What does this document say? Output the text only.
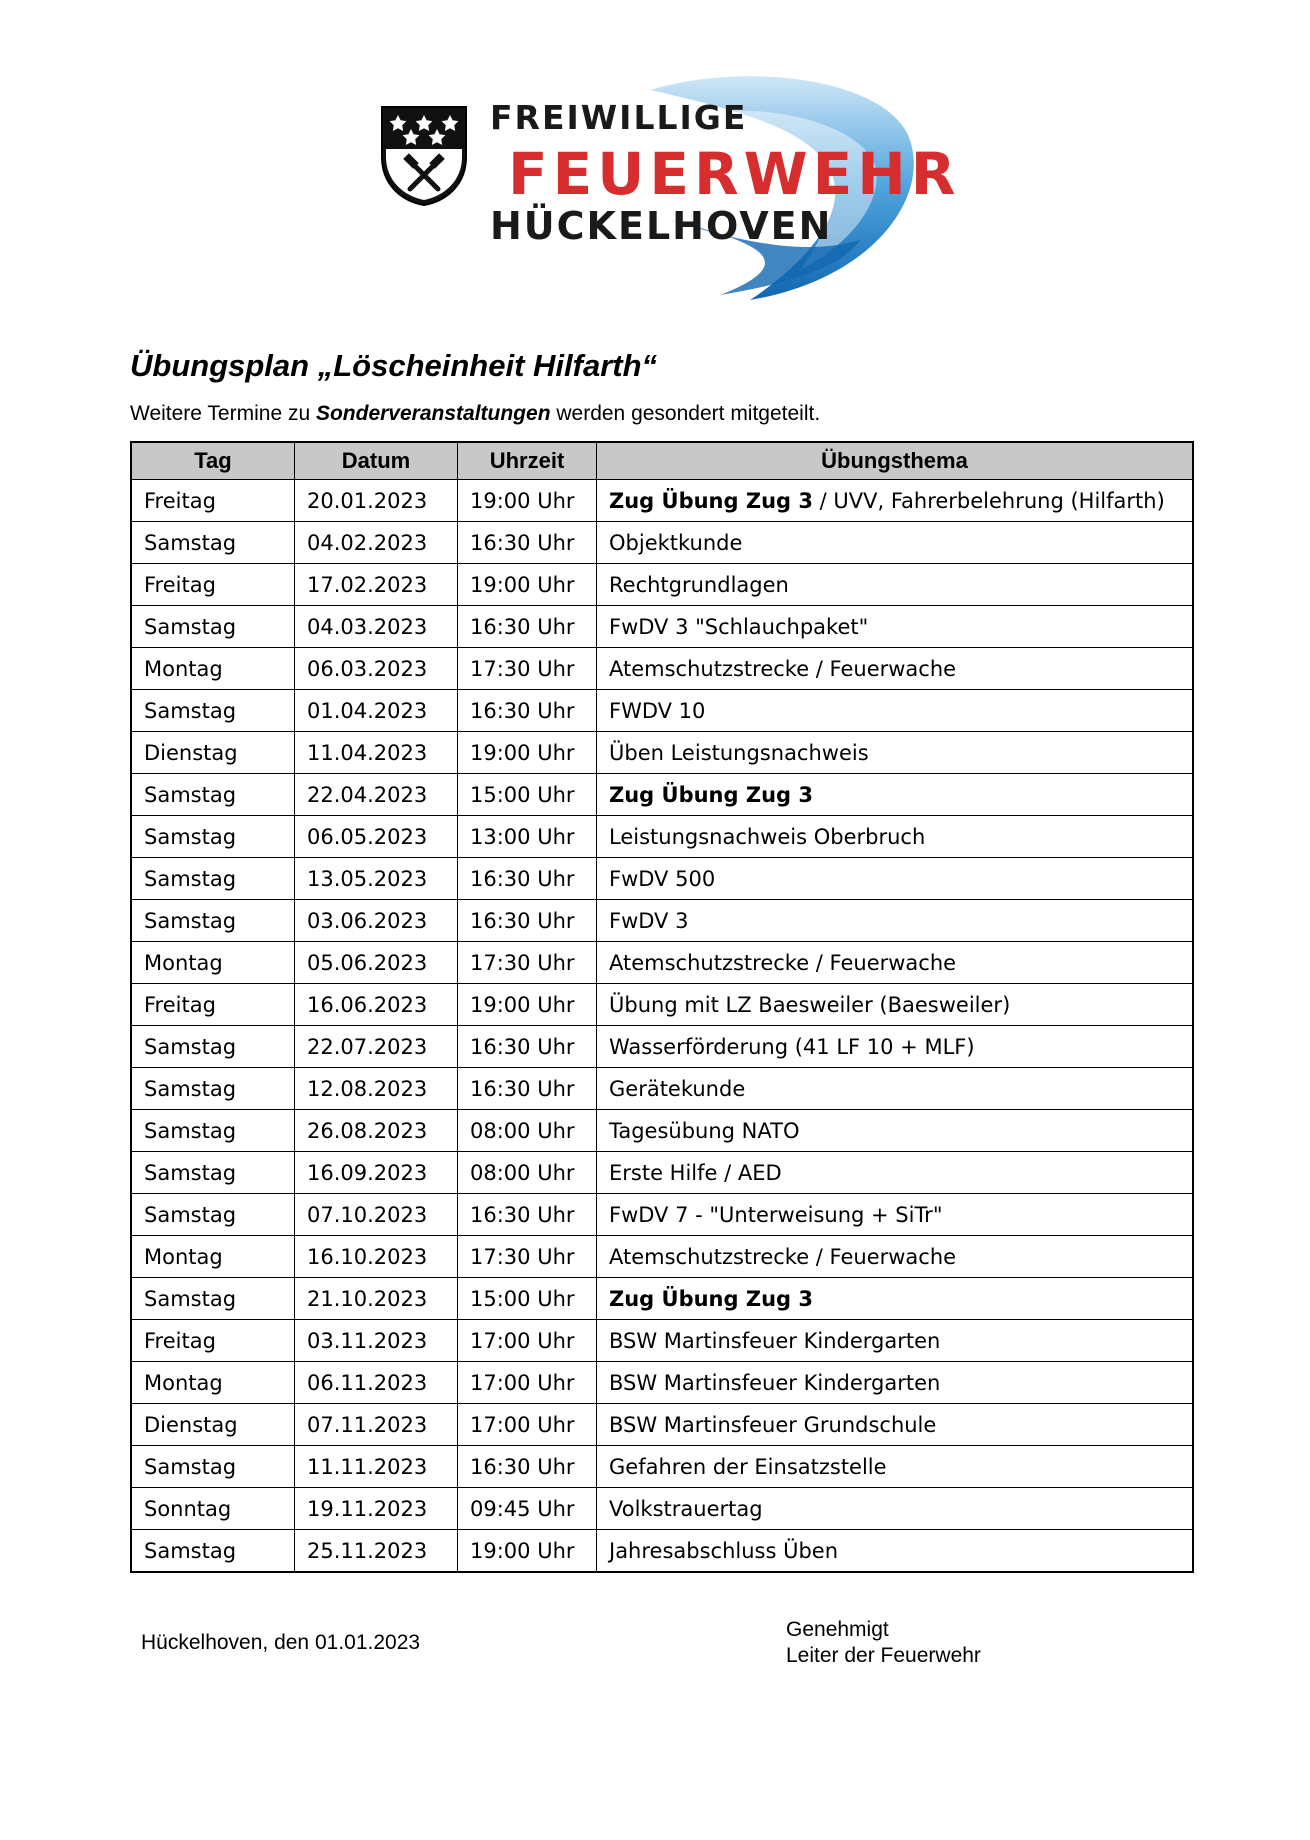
FREIWILLIGE
FEUERWEHR
HÜCKELHOVEN
Übungsplan „Löscheinheit Hilfarth“
Weitere Termine zu Sonderveranstaltungen werden gesondert mitgeteilt.
Tag	Datum	Uhrzeit	Übungsthema
Freitag	20.01.2023	19:00 Uhr	Zug Übung Zug 3 / UVV, Fahrerbelehrung (Hilfarth)
Samstag	04.02.2023	16:30 Uhr	Objektkunde
Freitag	17.02.2023	19:00 Uhr	Rechtgrundlagen
Samstag	04.03.2023	16:30 Uhr	FwDV 3 "Schlauchpaket"
Montag	06.03.2023	17:30 Uhr	Atemschutzstrecke / Feuerwache
Samstag	01.04.2023	16:30 Uhr	FWDV 10
Dienstag	11.04.2023	19:00 Uhr	Üben Leistungsnachweis
Samstag	22.04.2023	15:00 Uhr	Zug Übung Zug 3
Samstag	06.05.2023	13:00 Uhr	Leistungsnachweis Oberbruch
Samstag	13.05.2023	16:30 Uhr	FwDV 500
Samstag	03.06.2023	16:30 Uhr	FwDV 3
Montag	05.06.2023	17:30 Uhr	Atemschutzstrecke / Feuerwache
Freitag	16.06.2023	19:00 Uhr	Übung mit LZ Baesweiler (Baesweiler)
Samstag	22.07.2023	16:30 Uhr	Wasserförderung (41 LF 10 + MLF)
Samstag	12.08.2023	16:30 Uhr	Gerätekunde
Samstag	26.08.2023	08:00 Uhr	Tagesübung NATO
Samstag	16.09.2023	08:00 Uhr	Erste Hilfe / AED
Samstag	07.10.2023	16:30 Uhr	FwDV 7 - "Unterweisung + SiTr"
Montag	16.10.2023	17:30 Uhr	Atemschutzstrecke / Feuerwache
Samstag	21.10.2023	15:00 Uhr	Zug Übung Zug 3
Freitag	03.11.2023	17:00 Uhr	BSW Martinsfeuer Kindergarten
Montag	06.11.2023	17:00 Uhr	BSW Martinsfeuer Kindergarten
Dienstag	07.11.2023	17:00 Uhr	BSW Martinsfeuer Grundschule
Samstag	11.11.2023	16:30 Uhr	Gefahren der Einsatzstelle
Sonntag	19.11.2023	09:45 Uhr	Volkstrauertag
Samstag	25.11.2023	19:00 Uhr	Jahresabschluss Üben
Hückelhoven, den 01.01.2023
Genehmigt
Leiter der Feuerwehr
